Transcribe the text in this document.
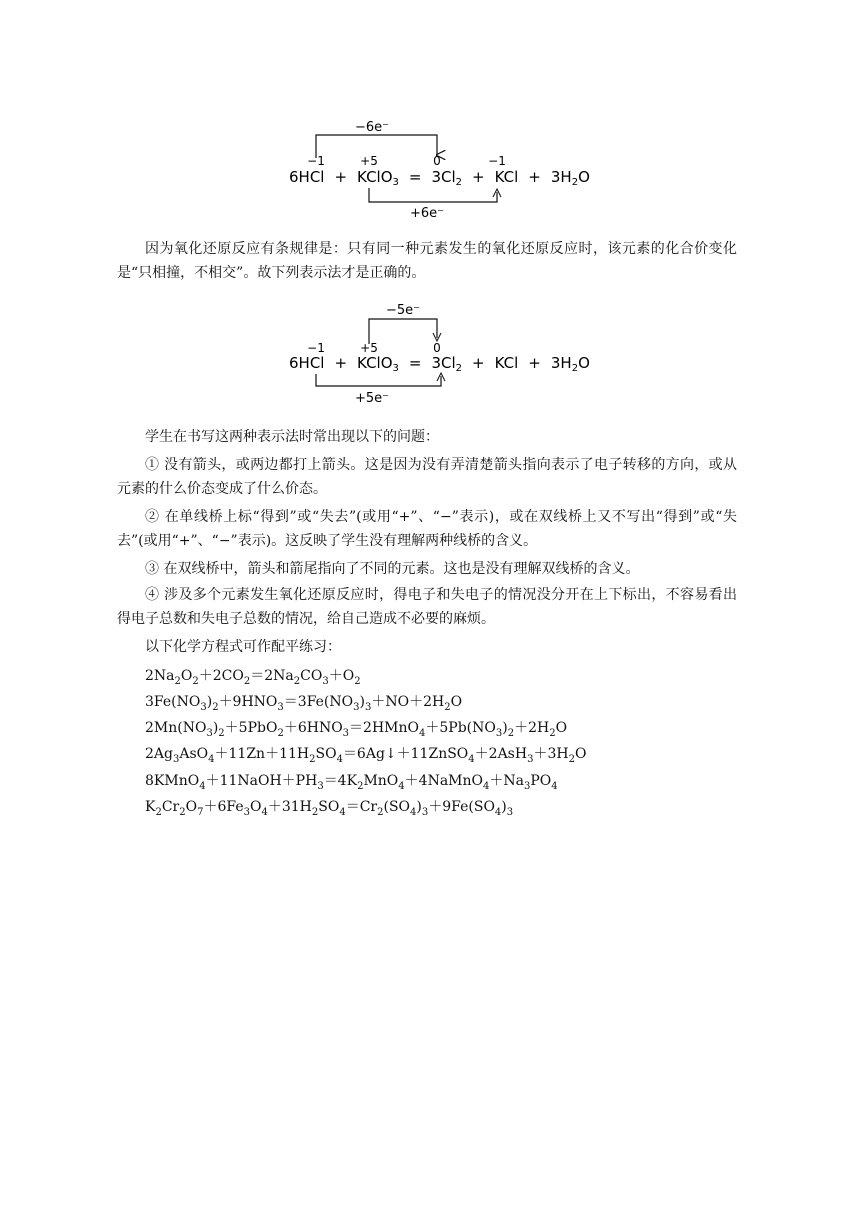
−6e⁻
−1	+5	0	−1
6HCl + KClO$_3$ = $3Cl_2$ + KCl + $3H_2O$
+6e⁻

因为氧化还原反应有条规律是：只有同一种元素发生的氧化还原反应时，该元素的化合价变化是“只相撞，不相交”。故下列表示法才是正确的。

−5e⁻
−1	+5	0
6HCl + KClO$_3$ = $3Cl_2$ + KCl + $3H_2O$
+5e⁻

学生在书写这两种表示法时常出现以下的问题：

① 没有箭头，或两边都打上箭头。这是因为没有弄清楚箭头指向表示了电子转移的方向，或从元素的什么价态变成了什么价态。

② 在单线桥上标“得到”或“失去”(或用“+”、“−”表示)，或在双线桥上又不写出“得到”或“失去”(或用“+”、“−”表示)。这反映了学生没有理解两种线桥的含义。

③ 在双线桥中，箭头和箭尾指向了不同的元素。这也是没有理解双线桥的含义。

④ 涉及多个元素发生氧化还原反应时，得电子和失电子的情况没分开在上下标出，不容易看出得电子总数和失电子总数的情况，给自己造成不必要的麻烦。

以下化学方程式可作配平练习：

$2Na_2O_2+2CO_2=2Na_2CO_3+O_2$

$3Fe(NO_3)_2+9HNO_3=3Fe(NO_3)_3+NO+2H_2O$

$2Mn(NO_3)_2+5PbO_2+6HNO_3=2HMnO_4+5Pb(NO_3)_2+2H_2O$

$2Ag_3AsO_4+11Zn+11H_2SO_4=6Ag↓+11ZnSO_4+2AsH_3+3H_2O$

$8KMnO_4+11NaOH+PH_3=4K_2MnO_4+4NaMnO_4+Na_3PO_4$

$K_2Cr_2O_7+6Fe_3O_4+31H_2SO_4=Cr_2(SO_4)_3+9Fe(SO_4)_3$
